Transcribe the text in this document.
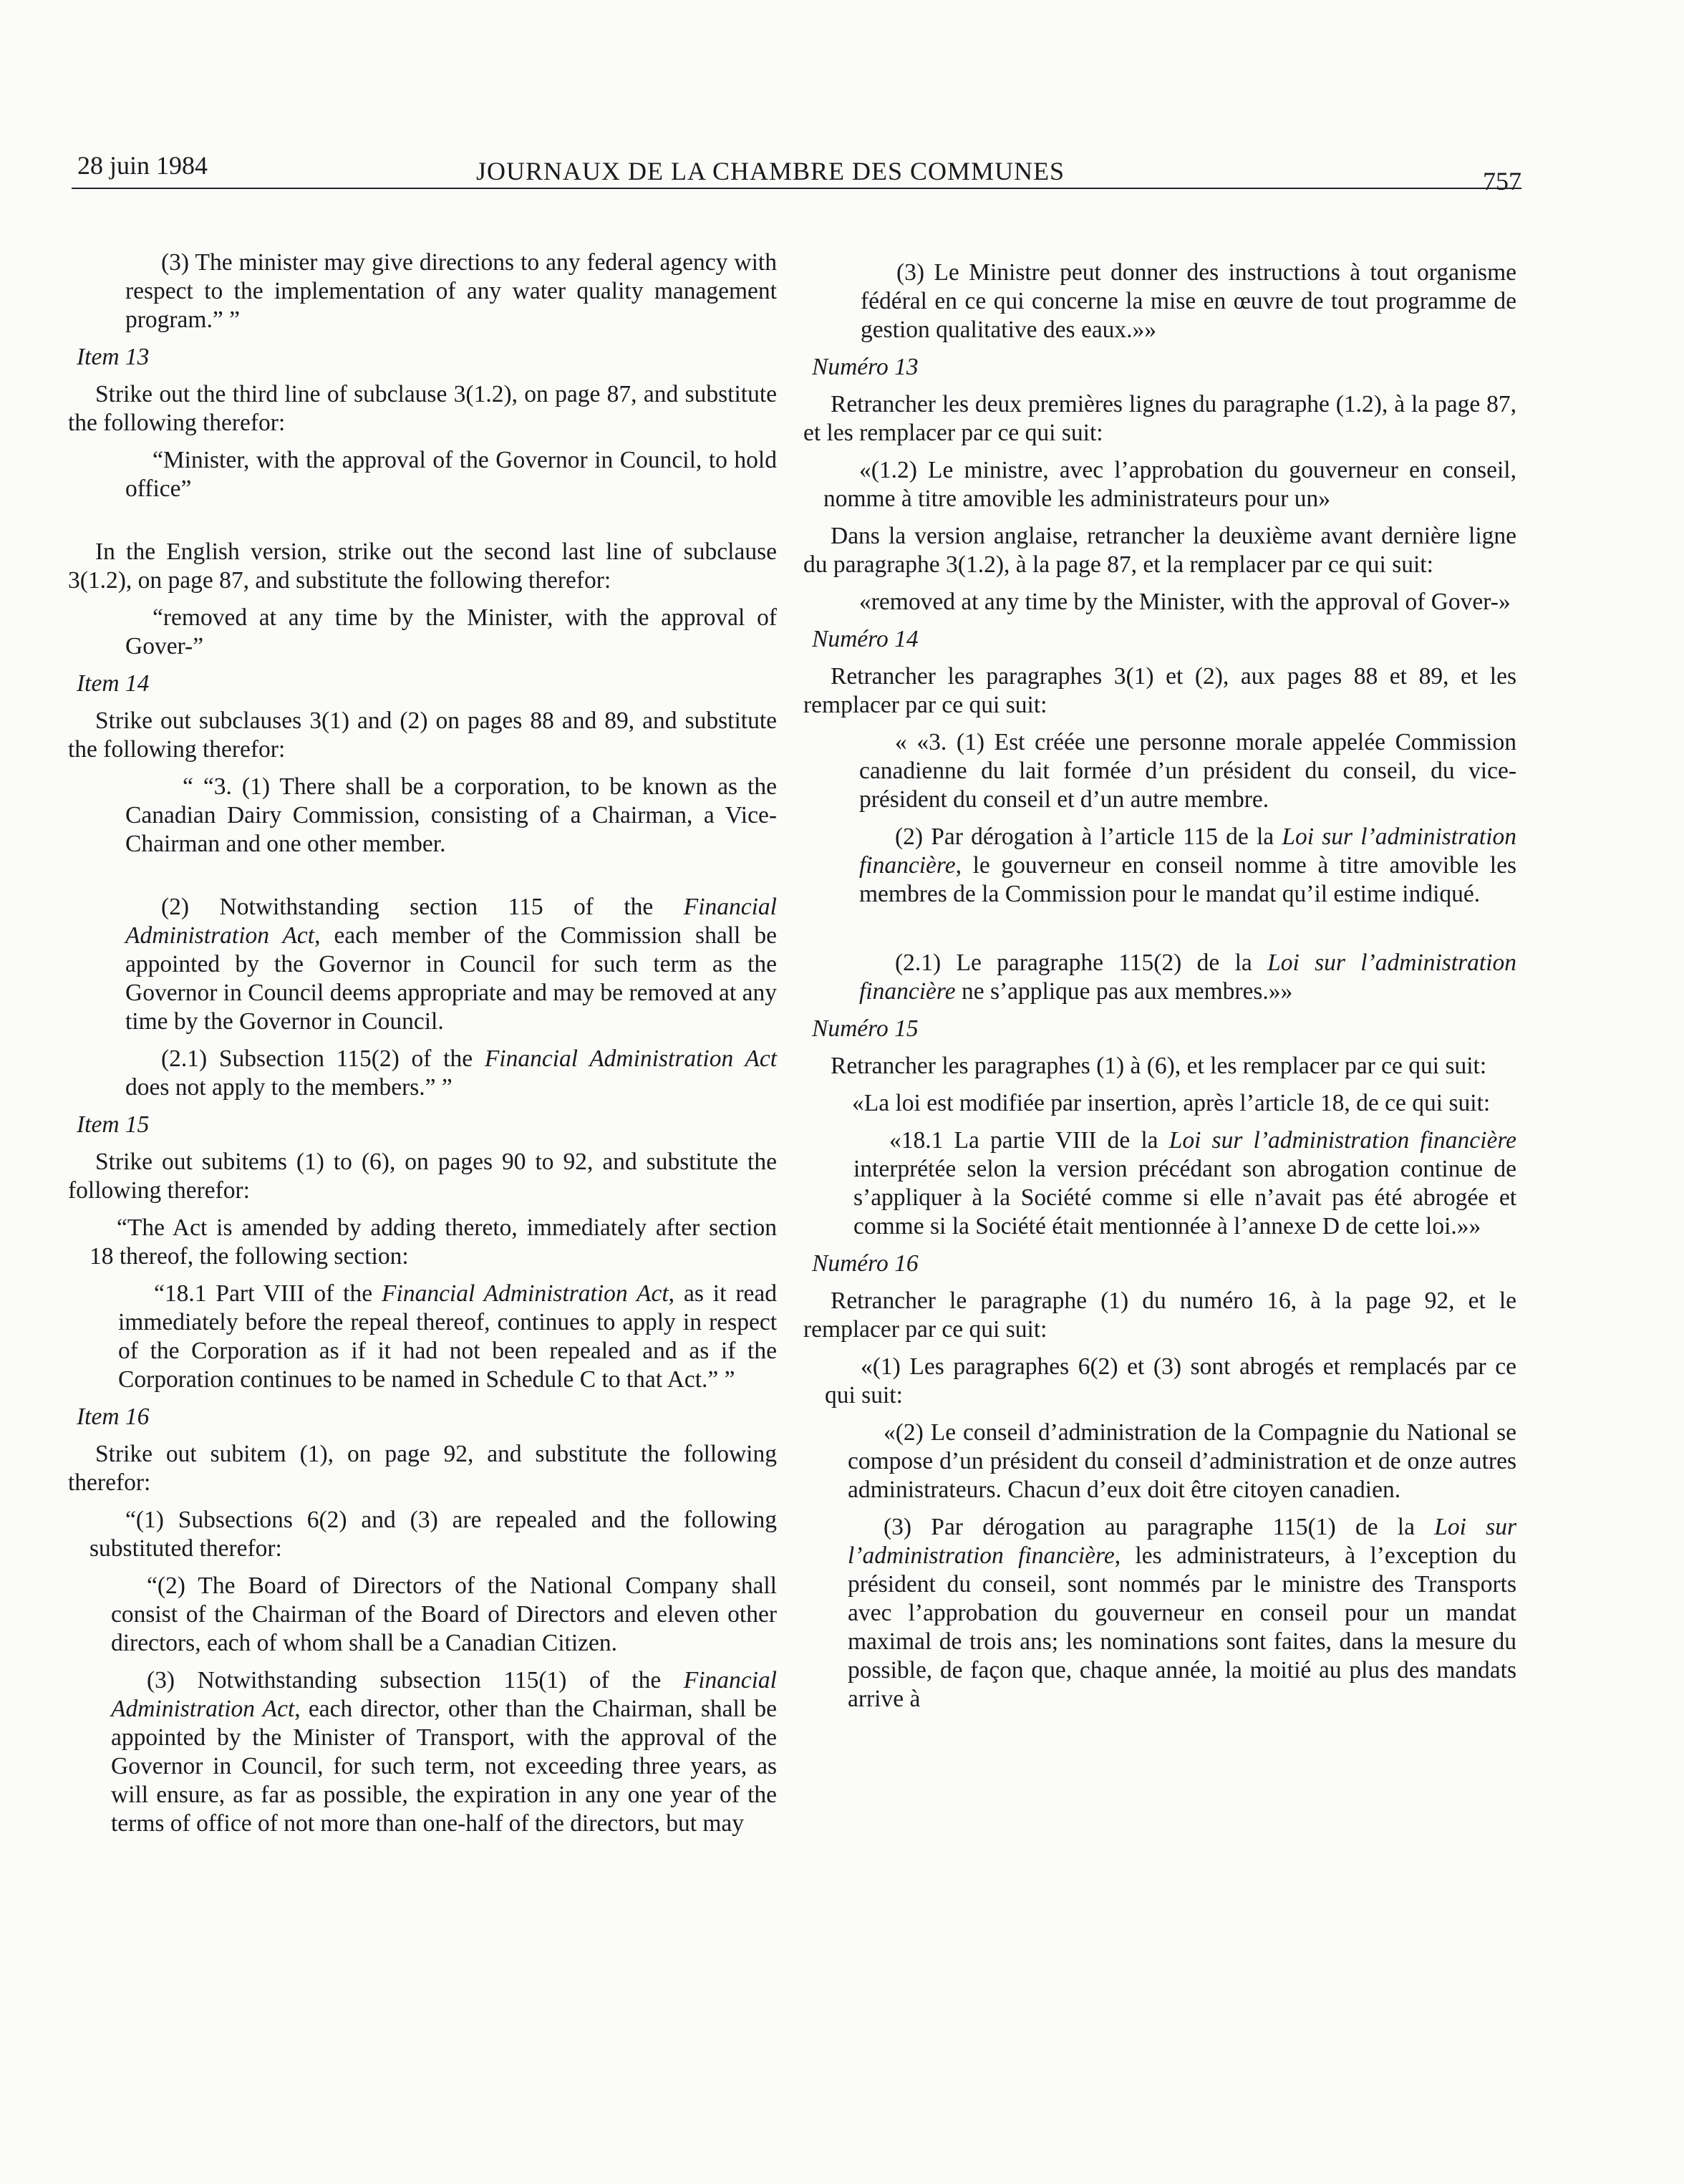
28 juin 1984	JOURNAUX DE LA CHAMBRE DES COMMUNES	757

(3) The minister may give directions to any federal agency with respect to the implementation of any water quality management program.” ”

Item 13

Strike out the third line of subclause 3(1.2), on page 87, and substitute the following therefor:

“Minister, with the approval of the Governor in Council, to hold office”

In the English version, strike out the second last line of subclause 3(1.2), on page 87, and substitute the following therefor:

“removed at any time by the Minister, with the approval of Gover-”

Item 14

Strike out subclauses 3(1) and (2) on pages 88 and 89, and substitute the following therefor:

“ “3. (1) There shall be a corporation, to be known as the Canadian Dairy Commission, consisting of a Chairman, a Vice-Chairman and one other member.

(2) Notwithstanding section 115 of the Financial Administration Act, each member of the Commission shall be appointed by the Governor in Council for such term as the Governor in Council deems appropriate and may be removed at any time by the Governor in Council.

(2.1) Subsection 115(2) of the Financial Administration Act does not apply to the members.” ”

Item 15

Strike out subitems (1) to (6), on pages 90 to 92, and substitute the following therefor:

“The Act is amended by adding thereto, immediately after section 18 thereof, the following section:

“18.1 Part VIII of the Financial Administration Act, as it read immediately before the repeal thereof, continues to apply in respect of the Corporation as if it had not been repealed and as if the Corporation continues to be named in Schedule C to that Act.” ”

Item 16

Strike out subitem (1), on page 92, and substitute the following therefor:

“(1) Subsections 6(2) and (3) are repealed and the following substituted therefor:

“(2) The Board of Directors of the National Company shall consist of the Chairman of the Board of Directors and eleven other directors, each of whom shall be a Canadian Citizen.

(3) Notwithstanding subsection 115(1) of the Financial Administration Act, each director, other than the Chairman, shall be appointed by the Minister of Transport, with the approval of the Governor in Council, for such term, not exceeding three years, as will ensure, as far as possible, the expiration in any one year of the terms of office of not more than one-half of the directors, but may

(3) Le Ministre peut donner des instructions à tout organisme fédéral en ce qui concerne la mise en œuvre de tout programme de gestion qualitative des eaux.»»

Numéro 13

Retrancher les deux premières lignes du paragraphe (1.2), à la page 87, et les remplacer par ce qui suit:

«(1.2) Le ministre, avec l’approbation du gouverneur en conseil, nomme à titre amovible les administrateurs pour un»

Dans la version anglaise, retrancher la deuxième avant dernière ligne du paragraphe 3(1.2), à la page 87, et la remplacer par ce qui suit:

«removed at any time by the Minister, with the approval of Gover-»

Numéro 14

Retrancher les paragraphes 3(1) et (2), aux pages 88 et 89, et les remplacer par ce qui suit:

« «3. (1) Est créée une personne morale appelée Commission canadienne du lait formée d’un président du conseil, du vice-président du conseil et d’un autre membre.

(2) Par dérogation à l’article 115 de la Loi sur l’administration financière, le gouverneur en conseil nomme à titre amovible les membres de la Commission pour le mandat qu’il estime indiqué.

(2.1) Le paragraphe 115(2) de la Loi sur l’administration financière ne s’applique pas aux membres.»»

Numéro 15

Retrancher les paragraphes (1) à (6), et les remplacer par ce qui suit:

«La loi est modifiée par insertion, après l’article 18, de ce qui suit:

«18.1 La partie VIII de la Loi sur l’administration financière interprétée selon la version précédant son abrogation continue de s’appliquer à la Société comme si elle n’avait pas été abrogée et comme si la Société était mentionnée à l’annexe D de cette loi.»»

Numéro 16

Retrancher le paragraphe (1) du numéro 16, à la page 92, et le remplacer par ce qui suit:

«(1) Les paragraphes 6(2) et (3) sont abrogés et remplacés par ce qui suit:

«(2) Le conseil d’administration de la Compagnie du National se compose d’un président du conseil d’administration et de onze autres administrateurs. Chacun d’eux doit être citoyen canadien.

(3) Par dérogation au paragraphe 115(1) de la Loi sur l’administration financière, les administrateurs, à l’exception du président du conseil, sont nommés par le ministre des Transports avec l’approbation du gouverneur en conseil pour un mandat maximal de trois ans; les nominations sont faites, dans la mesure du possible, de façon que, chaque année, la moitié au plus des mandats arrive à
